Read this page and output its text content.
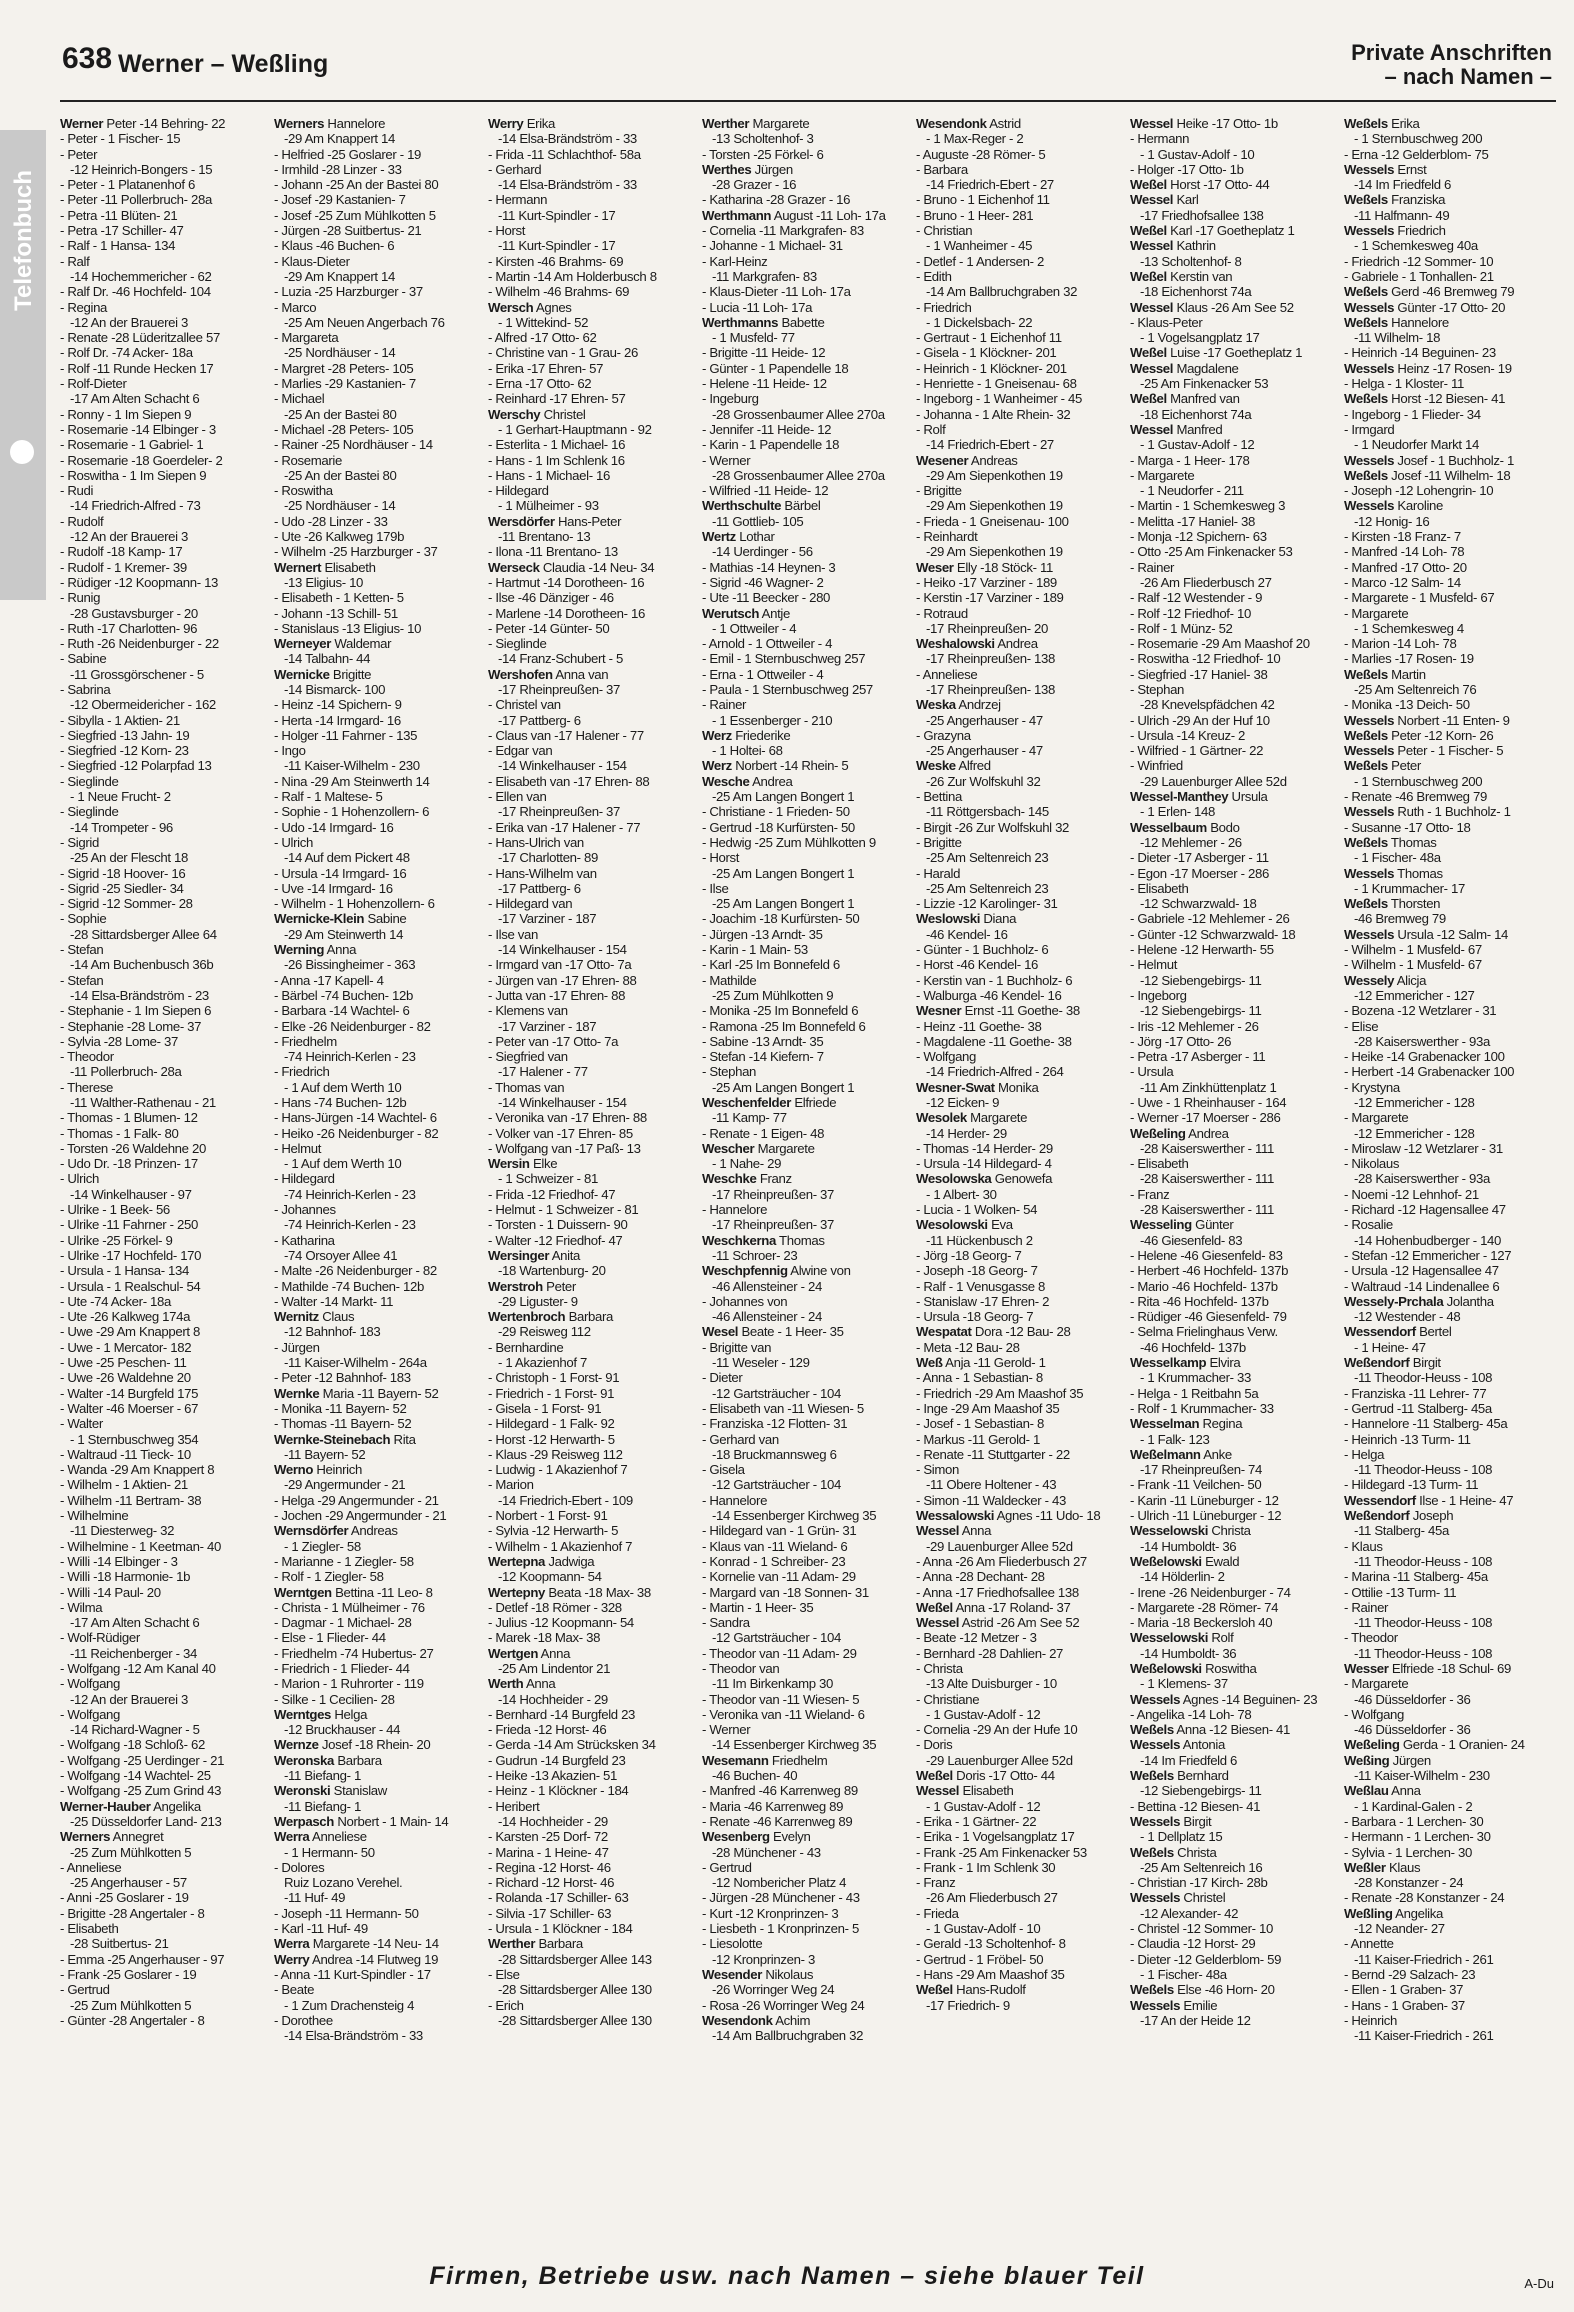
638 Werner – Weßling	Private Anschriften
– nach Namen –
Telefonbuch
Werner Peter -14 Behring- 22
- Peter - 1 Fischer- 15
- Peter
-12 Heinrich-Bongers - 15
- Peter - 1 Platanenhof 6
- Peter -11 Pollerbruch- 28a
- Petra -11 Blüten- 21
- Petra -17 Schiller- 47
- Ralf - 1 Hansa- 134
- Ralf
-14 Hochemmericher - 62
- Ralf Dr. -46 Hochfeld- 104
- Regina
-12 An der Brauerei 3
- Renate -28 Lüderitzallee 57
- Rolf Dr. -74 Acker- 18a
- Rolf -11 Runde Hecken 17
- Rolf-Dieter
-17 Am Alten Schacht 6
- Ronny - 1 Im Siepen 9
- Rosemarie -14 Elbinger - 3
- Rosemarie - 1 Gabriel- 1
- Rosemarie -18 Goerdeler- 2
- Roswitha - 1 Im Siepen 9
- Rudi
-14 Friedrich-Alfred - 73
- Rudolf
-12 An der Brauerei 3
- Rudolf -18 Kamp- 17
- Rudolf - 1 Kremer- 39
- Rüdiger -12 Koopmann- 13
- Runig
-28 Gustavsburger - 20
- Ruth -17 Charlotten- 96
- Ruth -26 Neidenburger - 22
- Sabine
-11 Grossgörschener - 5
- Sabrina
-12 Obermeidericher - 162
- Sibylla - 1 Aktien- 21
- Siegfried -13 Jahn- 19
- Siegfried -12 Korn- 23
- Siegfried -12 Polarpfad 13
- Sieglinde
- 1 Neue Frucht- 2
- Sieglinde
-14 Trompeter - 96
- Sigrid
-25 An der Flescht 18
- Sigrid -18 Hoover- 16
- Sigrid -25 Siedler- 34
- Sigrid -12 Sommer- 28
- Sophie
-28 Sittardsberger Allee 64
- Stefan
-14 Am Buchenbusch 36b
- Stefan
-14 Elsa-Brändström - 23
- Stephanie - 1 Im Siepen 6
- Stephanie -28 Lome- 37
- Sylvia -28 Lome- 37
- Theodor
-11 Pollerbruch- 28a
- Therese
-11 Walther-Rathenau - 21
- Thomas - 1 Blumen- 12
- Thomas - 1 Falk- 80
- Torsten -26 Waldehne 20
- Udo Dr. -18 Prinzen- 17
- Ulrich
-14 Winkelhauser - 97
- Ulrike - 1 Beek- 56
- Ulrike -11 Fahrner - 250
- Ulrike -25 Förkel- 9
- Ulrike -17 Hochfeld- 170
- Ursula - 1 Hansa- 134
- Ursula - 1 Realschul- 54
- Ute -74 Acker- 18a
- Ute -26 Kalkweg 174a
- Uwe -29 Am Knappert 8
- Uwe - 1 Mercator- 182
- Uwe -25 Peschen- 11
- Uwe -26 Waldehne 20
- Walter -14 Burgfeld 175
- Walter -46 Moerser - 67
- Walter
- 1 Sternbuschweg 354
- Waltraud -11 Tieck- 10
- Wanda -29 Am Knappert 8
- Wilhelm - 1 Aktien- 21
- Wilhelm -11 Bertram- 38
- Wilhelmine
-11 Diesterweg- 32
- Wilhelmine - 1 Keetman- 40
- Willi -14 Elbinger - 3
- Willi -18 Harmonie- 1b
- Willi -14 Paul- 20
- Wilma
-17 Am Alten Schacht 6
- Wolf-Rüdiger
-11 Reichenberger - 34
- Wolfgang -12 Am Kanal 40
- Wolfgang
-12 An der Brauerei 3
- Wolfgang
-14 Richard-Wagner - 5
- Wolfgang -18 Schloß- 62
- Wolfgang -25 Uerdinger - 21
- Wolfgang -14 Wachtel- 25
- Wolfgang -25 Zum Grind 43
Werner-Hauber Angelika
-25 Düsseldorfer Land- 213
Werners Annegret
-25 Zum Mühlkotten 5
- Anneliese
-25 Angerhauser - 57
- Anni -25 Goslarer - 19
- Brigitte -28 Angertaler - 8
- Elisabeth
-28 Suitbertus- 21
- Emma -25 Angerhauser - 97
- Frank -25 Goslarer - 19
- Gertrud
-25 Zum Mühlkotten 5
- Günter -28 Angertaler - 8
Werners Hannelore
-29 Am Knappert 14
- Helfried -25 Goslarer - 19
- Irmhild -28 Linzer - 33
- Johann -25 An der Bastei 80
- Josef -29 Kastanien- 7
- Josef -25 Zum Mühlkotten 5
- Jürgen -28 Suitbertus- 21
- Klaus -46 Buchen- 6
- Klaus-Dieter
-29 Am Knappert 14
- Luzia -25 Harzburger - 37
- Marco
-25 Am Neuen Angerbach 76
- Margareta
-25 Nordhäuser - 14
- Margret -28 Peters- 105
- Marlies -29 Kastanien- 7
- Michael
-25 An der Bastei 80
- Michael -28 Peters- 105
- Rainer -25 Nordhäuser - 14
- Rosemarie
-25 An der Bastei 80
- Roswitha
-25 Nordhäuser - 14
- Udo -28 Linzer - 33
- Ute -26 Kalkweg 179b
- Wilhelm -25 Harzburger - 37
Wernert Elisabeth
-13 Eligius- 10
- Elisabeth - 1 Ketten- 5
- Johann -13 Schill- 51
- Stanislaus -13 Eligius- 10
Werneyer Waldemar
-14 Talbahn- 44
Wernicke Brigitte
-14 Bismarck- 100
- Heinz -14 Spichern- 9
- Herta -14 Irmgard- 16
- Holger -11 Fahrner - 135
- Ingo
-11 Kaiser-Wilhelm - 230
- Nina -29 Am Steinwerth 14
- Ralf - 1 Maltese- 5
- Sophie - 1 Hohenzollern- 6
- Udo -14 Irmgard- 16
- Ulrich
-14 Auf dem Pickert 48
- Ursula -14 Irmgard- 16
- Uve -14 Irmgard- 16
- Wilhelm - 1 Hohenzollern- 6
Wernicke-Klein Sabine
-29 Am Steinwerth 14
Werning Anna
-26 Bissingheimer - 363
- Anna -17 Kapell- 4
- Bärbel -74 Buchen- 12b
- Barbara -14 Wachtel- 6
- Elke -26 Neidenburger - 82
- Friedhelm
-74 Heinrich-Kerlen - 23
- Friedrich
- 1 Auf dem Werth 10
- Hans -74 Buchen- 12b
- Hans-Jürgen -14 Wachtel- 6
- Heiko -26 Neidenburger - 82
- Helmut
- 1 Auf dem Werth 10
- Hildegard
-74 Heinrich-Kerlen - 23
- Johannes
-74 Heinrich-Kerlen - 23
- Katharina
-74 Orsoyer Allee 41
- Malte -26 Neidenburger - 82
- Mathilde -74 Buchen- 12b
- Walter -14 Markt- 11
Wernitz Claus
-12 Bahnhof- 183
- Jürgen
-11 Kaiser-Wilhelm - 264a
- Peter -12 Bahnhof- 183
Wernke Maria -11 Bayern- 52
- Monika -11 Bayern- 52
- Thomas -11 Bayern- 52
Wernke-Steinebach Rita
-11 Bayern- 52
Werno Heinrich
-29 Angermunder - 21
- Helga -29 Angermunder - 21
- Jochen -29 Angermunder - 21
Wernsdörfer Andreas
- 1 Ziegler- 58
- Marianne - 1 Ziegler- 58
- Rolf - 1 Ziegler- 58
Werntgen Bettina -11 Leo- 8
- Christa - 1 Mülheimer - 76
- Dagmar - 1 Michael- 28
- Else - 1 Flieder- 44
- Friedhelm -74 Hubertus- 27
- Friedrich - 1 Flieder- 44
- Marion - 1 Ruhrorter - 119
- Silke - 1 Cecilien- 28
Werntges Helga
-12 Bruckhauser - 44
Wernze Josef -18 Rhein- 20
Weronska Barbara
-11 Biefang- 1
Weronski Stanislaw
-11 Biefang- 1
Werpasch Norbert - 1 Main- 14
Werra Anneliese
- 1 Hermann- 50
- Dolores
Ruiz Lozano Verehel.
-11 Huf- 49
- Joseph -11 Hermann- 50
- Karl -11 Huf- 49
Werra Margarete -14 Neu- 14
Werry Andrea -14 Flutweg 19
- Anna -11 Kurt-Spindler - 17
- Beate
- 1 Zum Drachensteig 4
- Dorothee
-14 Elsa-Brändström - 33
Werry Erika
-14 Elsa-Brändström - 33
- Frida -11 Schlachthof- 58a
- Gerhard
-14 Elsa-Brändström - 33
- Hermann
-11 Kurt-Spindler - 17
- Horst
-11 Kurt-Spindler - 17
- Kirsten -46 Brahms- 69
- Martin -14 Am Holderbusch 8
- Wilhelm -46 Brahms- 69
Wersch Agnes
- 1 Wittekind- 52
- Alfred -17 Otto- 62
- Christine van - 1 Grau- 26
- Erika -17 Ehren- 57
- Erna -17 Otto- 62
- Reinhard -17 Ehren- 57
Werschy Christel
- 1 Gerhart-Hauptmann - 92
- Esterlita - 1 Michael- 16
- Hans - 1 Im Schlenk 16
- Hans - 1 Michael- 16
- Hildegard
- 1 Mülheimer - 93
Wersdörfer Hans-Peter
-11 Brentano- 13
- Ilona -11 Brentano- 13
Werseck Claudia -14 Neu- 34
- Hartmut -14 Dorotheen- 16
- Ilse -46 Dänziger - 46
- Marlene -14 Dorotheen- 16
- Peter -14 Günter- 50
- Sieglinde
-14 Franz-Schubert - 5
Wershofen Anna van
-17 Rheinpreußen- 37
- Christel van
-17 Pattberg- 6
- Claus van -17 Halener - 77
- Edgar van
-14 Winkelhauser - 154
- Elisabeth van -17 Ehren- 88
- Ellen van
-17 Rheinpreußen- 37
- Erika van -17 Halener - 77
- Hans-Ulrich van
-17 Charlotten- 89
- Hans-Wilhelm van
-17 Pattberg- 6
- Hildegard van
-17 Varziner - 187
- Ilse van
-14 Winkelhauser - 154
- Irmgard van -17 Otto- 7a
- Jürgen van -17 Ehren- 88
- Jutta van -17 Ehren- 88
- Klemens van
-17 Varziner - 187
- Peter van -17 Otto- 7a
- Siegfried van
-17 Halener - 77
- Thomas van
-14 Winkelhauser - 154
- Veronika van -17 Ehren- 88
- Volker van -17 Ehren- 85
- Wolfgang van -17 Paß- 13
Wersin Elke
- 1 Schweizer - 81
- Frida -12 Friedhof- 47
- Helmut - 1 Schweizer - 81
- Torsten - 1 Duissern- 90
- Walter -12 Friedhof- 47
Wersinger Anita
-18 Wartenburg- 20
Werstroh Peter
-29 Liguster- 9
Wertenbroch Barbara
-29 Reisweg 112
- Bernhardine
- 1 Akazienhof 7
- Christoph - 1 Forst- 91
- Friedrich - 1 Forst- 91
- Gisela - 1 Forst- 91
- Hildegard - 1 Falk- 92
- Horst -12 Herwarth- 5
- Klaus -29 Reisweg 112
- Ludwig - 1 Akazienhof 7
- Marion
-14 Friedrich-Ebert - 109
- Norbert - 1 Forst- 91
- Sylvia -12 Herwarth- 5
- Wilhelm - 1 Akazienhof 7
Wertepna Jadwiga
-12 Koopmann- 54
Wertepny Beata -18 Max- 38
- Detlef -18 Römer - 328
- Julius -12 Koopmann- 54
- Marek -18 Max- 38
Wertgen Anna
-25 Am Lindentor 21
Werth Anna
-14 Hochheider - 29
- Bernhard -14 Burgfeld 23
- Frieda -12 Horst- 46
- Gerda -14 Am Strücksken 34
- Gudrun -14 Burgfeld 23
- Heike -13 Akazien- 51
- Heinz - 1 Klöckner - 184
- Heribert
-14 Hochheider - 29
- Karsten -25 Dorf- 72
- Marina - 1 Heine- 47
- Regina -12 Horst- 46
- Richard -12 Horst- 46
- Rolanda -17 Schiller- 63
- Silvia -17 Schiller- 63
- Ursula - 1 Klöckner - 184
Werther Barbara
-28 Sittardsberger Allee 143
- Else
-28 Sittardsberger Allee 130
- Erich
-28 Sittardsberger Allee 130
Werther Margarete
-13 Scholtenhof- 3
- Torsten -25 Förkel- 6
Werthes Jürgen
-28 Grazer - 16
- Katharina -28 Grazer - 16
Werthmann August -11 Loh- 17a
- Cornelia -11 Markgrafen- 83
- Johanne - 1 Michael- 31
- Karl-Heinz
-11 Markgrafen- 83
- Klaus-Dieter -11 Loh- 17a
- Lucia -11 Loh- 17a
Werthmanns Babette
- 1 Musfeld- 77
- Brigitte -11 Heide- 12
- Günter - 1 Papendelle 18
- Helene -11 Heide- 12
- Ingeburg
-28 Grossenbaumer Allee 270a
- Jennifer -11 Heide- 12
- Karin - 1 Papendelle 18
- Werner
-28 Grossenbaumer Allee 270a
- Wilfried -11 Heide- 12
Werthschulte Bärbel
-11 Gottlieb- 105
Wertz Lothar
-14 Uerdinger - 56
- Mathias -14 Heynen- 3
- Sigrid -46 Wagner- 2
- Ute -11 Beecker - 280
Werutsch Antje
- 1 Ottweiler - 4
- Arnold - 1 Ottweiler - 4
- Emil - 1 Sternbuschweg 257
- Erna - 1 Ottweiler - 4
- Paula - 1 Sternbuschweg 257
- Rainer
- 1 Essenberger - 210
Werz Friederike
- 1 Holtei- 68
Werz Norbert -14 Rhein- 5
Wesche Andrea
-25 Am Langen Bongert 1
- Christiane - 1 Frieden- 50
- Gertrud -18 Kurfürsten- 50
- Hedwig -25 Zum Mühlkotten 9
- Horst
-25 Am Langen Bongert 1
- Ilse
-25 Am Langen Bongert 1
- Joachim -18 Kurfürsten- 50
- Jürgen -13 Arndt- 35
- Karin - 1 Main- 53
- Karl -25 Im Bonnefeld 6
- Mathilde
-25 Zum Mühlkotten 9
- Monika -25 Im Bonnefeld 6
- Ramona -25 Im Bonnefeld 6
- Sabine -13 Arndt- 35
- Stefan -14 Kiefern- 7
- Stephan
-25 Am Langen Bongert 1
Weschenfelder Elfriede
-11 Kamp- 77
- Renate - 1 Eigen- 48
Wescher Margarete
- 1 Nahe- 29
Weschke Franz
-17 Rheinpreußen- 37
- Hannelore
-17 Rheinpreußen- 37
Weschkerna Thomas
-11 Schroer- 23
Weschpfennig Alwine von
-46 Allensteiner - 24
- Johannes von
-46 Allensteiner - 24
Wesel Beate - 1 Heer- 35
- Brigitte van
-11 Weseler - 129
- Dieter
-12 Gartsträucher - 104
- Elisabeth van -11 Wiesen- 5
- Franziska -12 Flotten- 31
- Gerhard van
-18 Bruckmannsweg 6
- Gisela
-12 Gartsträucher - 104
- Hannelore
-14 Essenberger Kirchweg 35
- Hildegard van - 1 Grün- 31
- Klaus van -11 Wieland- 6
- Konrad - 1 Schreiber- 23
- Kornelie van -11 Adam- 29
- Margard van -18 Sonnen- 31
- Martin - 1 Heer- 35
- Sandra
-12 Gartsträucher - 104
- Theodor van -11 Adam- 29
- Theodor van
-11 Im Birkenkamp 30
- Theodor van -11 Wiesen- 5
- Veronika van -11 Wieland- 6
- Werner
-14 Essenberger Kirchweg 35
Wesemann Friedhelm
-46 Buchen- 40
- Manfred -46 Karrenweg 89
- Maria -46 Karrenweg 89
- Renate -46 Karrenweg 89
Wesenberg Evelyn
-28 Münchener - 43
- Gertrud
-12 Nombericher Platz 4
- Jürgen -28 Münchener - 43
- Kurt -12 Kronprinzen- 3
- Liesbeth - 1 Kronprinzen- 5
- Liesolotte
-12 Kronprinzen- 3
Wesender Nikolaus
-26 Worringer Weg 24
- Rosa -26 Worringer Weg 24
Wesendonk Achim
-14 Am Ballbruchgraben 32
Wesendonk Astrid
- 1 Max-Reger - 2
- Auguste -28 Römer- 5
- Barbara
-14 Friedrich-Ebert - 27
- Bruno - 1 Eichenhof 11
- Bruno - 1 Heer- 281
- Christian
- 1 Wanheimer - 45
- Detlef - 1 Andersen- 2
- Edith
-14 Am Ballbruchgraben 32
- Friedrich
- 1 Dickelsbach- 22
- Gertraut - 1 Eichenhof 11
- Gisela - 1 Klöckner- 201
- Heinrich - 1 Klöckner- 201
- Henriette - 1 Gneisenau- 68
- Ingeborg - 1 Wanheimer - 45
- Johanna - 1 Alte Rhein- 32
- Rolf
-14 Friedrich-Ebert - 27
Wesener Andreas
-29 Am Siepenkothen 19
- Brigitte
-29 Am Siepenkothen 19
- Frieda - 1 Gneisenau- 100
- Reinhardt
-29 Am Siepenkothen 19
Weser Elly -18 Stöck- 11
- Heiko -17 Varziner - 189
- Kerstin -17 Varziner - 189
- Rotraud
-17 Rheinpreußen- 20
Weshalowski Andrea
-17 Rheinpreußen- 138
- Anneliese
-17 Rheinpreußen- 138
Weska Andrzej
-25 Angerhauser - 47
- Grazyna
-25 Angerhauser - 47
Weske Alfred
-26 Zur Wolfskuhl 32
- Bettina
-11 Röttgersbach- 145
- Birgit -26 Zur Wolfskuhl 32
- Brigitte
-25 Am Seltenreich 23
- Harald
-25 Am Seltenreich 23
- Lizzie -12 Karolinger- 31
Weslowski Diana
-46 Kendel- 16
- Günter - 1 Buchholz- 6
- Horst -46 Kendel- 16
- Kerstin van - 1 Buchholz- 6
- Walburga -46 Kendel- 16
Wesner Ernst -11 Goethe- 38
- Heinz -11 Goethe- 38
- Magdalene -11 Goethe- 38
- Wolfgang
-14 Friedrich-Alfred - 264
Wesner-Swat Monika
-12 Eicken- 9
Wesolek Margarete
-14 Herder- 29
- Thomas -14 Herder- 29
- Ursula -14 Hildegard- 4
Wesolowska Genowefa
- 1 Albert- 30
- Lucia - 1 Wolken- 54
Wesolowski Eva
-11 Hückenbusch 2
- Jörg -18 Georg- 7
- Joseph -18 Georg- 7
- Ralf - 1 Venusgasse 8
- Stanislaw -17 Ehren- 2
- Ursula -18 Georg- 7
Wespatat Dora -12 Bau- 28
- Meta -12 Bau- 28
Weß Anja -11 Gerold- 1
- Anna - 1 Sebastian- 8
- Friedrich -29 Am Maashof 35
- Inge -29 Am Maashof 35
- Josef - 1 Sebastian- 8
- Markus -11 Gerold- 1
- Renate -11 Stuttgarter - 22
- Simon
-11 Obere Holtener - 43
- Simon -11 Waldecker - 43
Wessalowski Agnes -11 Udo- 18
Wessel Anna
-29 Lauenburger Allee 52d
- Anna -26 Am Fliederbusch 27
- Anna -28 Dechant- 28
- Anna -17 Friedhofsallee 138
Weßel Anna -17 Roland- 37
Wessel Astrid -26 Am See 52
- Beate -12 Metzer - 3
- Bernhard -28 Dahlien- 27
- Christa
-13 Alte Duisburger - 10
- Christiane
- 1 Gustav-Adolf - 12
- Cornelia -29 An der Hufe 10
- Doris
-29 Lauenburger Allee 52d
Weßel Doris -17 Otto- 44
Wessel Elisabeth
- 1 Gustav-Adolf - 12
- Erika - 1 Gärtner- 22
- Erika - 1 Vogelsangplatz 17
- Frank -25 Am Finkenacker 53
- Frank - 1 Im Schlenk 30
- Franz
-26 Am Fliederbusch 27
- Frieda
- 1 Gustav-Adolf - 10
- Gerald -13 Scholtenhof- 8
- Gertrud - 1 Fröbel- 50
- Hans -29 Am Maashof 35
Weßel Hans-Rudolf
-17 Friedrich- 9
Wessel Heike -17 Otto- 1b
- Hermann
- 1 Gustav-Adolf - 10
- Holger -17 Otto- 1b
Weßel Horst -17 Otto- 44
Wessel Karl
-17 Friedhofsallee 138
Weßel Karl -17 Goetheplatz 1
Wessel Kathrin
-13 Scholtenhof- 8
Weßel Kerstin van
-18 Eichenhorst 74a
Wessel Klaus -26 Am See 52
- Klaus-Peter
- 1 Vogelsangplatz 17
Weßel Luise -17 Goetheplatz 1
Wessel Magdalene
-25 Am Finkenacker 53
Weßel Manfred van
-18 Eichenhorst 74a
Wessel Manfred
- 1 Gustav-Adolf - 12
- Marga - 1 Heer- 178
- Margarete
- 1 Neudorfer - 211
- Martin - 1 Schemkesweg 3
- Melitta -17 Haniel- 38
- Monja -12 Spichern- 63
- Otto -25 Am Finkenacker 53
- Rainer
-26 Am Fliederbusch 27
- Ralf -12 Westender - 9
- Rolf -12 Friedhof- 10
- Rolf - 1 Münz- 52
- Rosemarie -29 Am Maashof 20
- Roswitha -12 Friedhof- 10
- Siegfried -17 Haniel- 38
- Stephan
-28 Knevelspfädchen 42
- Ulrich -29 An der Huf 10
- Ursula -14 Kreuz- 2
- Wilfried - 1 Gärtner- 22
- Winfried
-29 Lauenburger Allee 52d
Wessel-Manthey Ursula
- 1 Erlen- 148
Wesselbaum Bodo
-12 Mehlemer - 26
- Dieter -17 Asberger - 11
- Egon -17 Moerser - 286
- Elisabeth
-12 Schwarzwald- 18
- Gabriele -12 Mehlemer - 26
- Günter -12 Schwarzwald- 18
- Helene -12 Herwarth- 55
- Helmut
-12 Siebengebirgs- 11
- Ingeborg
-12 Siebengebirgs- 11
- Iris -12 Mehlemer - 26
- Jörg -17 Otto- 26
- Petra -17 Asberger - 11
- Ursula
-11 Am Zinkhüttenplatz 1
- Uwe - 1 Rheinhauser - 164
- Werner -17 Moerser - 286
Weßeling Andrea
-28 Kaiserswerther - 111
- Elisabeth
-28 Kaiserswerther - 111
- Franz
-28 Kaiserswerther - 111
Wesseling Günter
-46 Giesenfeld- 83
- Helene -46 Giesenfeld- 83
- Herbert -46 Hochfeld- 137b
- Mario -46 Hochfeld- 137b
- Rita -46 Hochfeld- 137b
- Rüdiger -46 Giesenfeld- 79
- Selma Frielinghaus Verw.
-46 Hochfeld- 137b
Wesselkamp Elvira
- 1 Krummacher- 33
- Helga - 1 Reitbahn 5a
- Rolf - 1 Krummacher- 33
Wesselman Regina
- 1 Falk- 123
Weßelmann Anke
-17 Rheinpreußen- 74
- Frank -11 Veilchen- 50
- Karin -11 Lüneburger - 12
- Ulrich -11 Lüneburger - 12
Wesselowski Christa
-14 Humboldt- 36
Weßelowski Ewald
-14 Hölderlin- 2
- Irene -26 Neidenburger - 74
- Margarete -28 Römer- 74
- Maria -18 Beckersloh 40
Wesselowski Rolf
-14 Humboldt- 36
Weßelowski Roswitha
- 1 Klemens- 37
Wessels Agnes -14 Beguinen- 23
- Angelika -14 Loh- 78
Weßels Anna -12 Biesen- 41
Wessels Antonia
-14 Im Friedfeld 6
Weßels Bernhard
-12 Siebengebirgs- 11
- Bettina -12 Biesen- 41
Wessels Birgit
- 1 Dellplatz 15
Weßels Christa
-25 Am Seltenreich 16
- Christian -17 Kirch- 28b
Wessels Christel
-12 Alexander- 42
- Christel -12 Sommer- 10
- Claudia -12 Horst- 29
- Dieter -12 Gelderblom- 59
- 1 Fischer- 48a
Weßels Else -46 Horn- 20
Wessels Emilie
-17 An der Heide 12
Weßels Erika
- 1 Sternbuschweg 200
- Erna -12 Gelderblom- 75
Wessels Ernst
-14 Im Friedfeld 6
Weßels Franziska
-11 Halfmann- 49
Wessels Friedrich
- 1 Schemkesweg 40a
- Friedrich -12 Sommer- 10
- Gabriele - 1 Tonhallen- 21
Weßels Gerd -46 Bremweg 79
Wessels Günter -17 Otto- 20
Weßels Hannelore
-11 Wilhelm- 18
- Heinrich -14 Beguinen- 23
Wessels Heinz -17 Rosen- 19
- Helga - 1 Kloster- 11
Weßels Horst -12 Biesen- 41
- Ingeborg - 1 Flieder- 34
- Irmgard
- 1 Neudorfer Markt 14
Wessels Josef - 1 Buchholz- 1
Weßels Josef -11 Wilhelm- 18
- Joseph -12 Lohengrin- 10
Wessels Karoline
-12 Honig- 16
- Kirsten -18 Franz- 7
- Manfred -14 Loh- 78
- Manfred -17 Otto- 20
- Marco -12 Salm- 14
- Margarete - 1 Musfeld- 67
- Margarete
- 1 Schemkesweg 4
- Marion -14 Loh- 78
- Marlies -17 Rosen- 19
Weßels Martin
-25 Am Seltenreich 76
- Monika -13 Deich- 50
Wessels Norbert -11 Enten- 9
Weßels Peter -12 Korn- 26
Wessels Peter - 1 Fischer- 5
Weßels Peter
- 1 Sternbuschweg 200
- Renate -46 Bremweg 79
Wessels Ruth - 1 Buchholz- 1
- Susanne -17 Otto- 18
Weßels Thomas
- 1 Fischer- 48a
Wessels Thomas
- 1 Krummacher- 17
Weßels Thorsten
-46 Bremweg 79
Wessels Ursula -12 Salm- 14
- Wilhelm - 1 Musfeld- 67
- Wilhelm - 1 Musfeld- 67
Wessely Alicja
-12 Emmericher - 127
- Bozena -12 Wetzlarer - 31
- Elise
-28 Kaiserswerther - 93a
- Heike -14 Grabenacker 100
- Herbert -14 Grabenacker 100
- Krystyna
-12 Emmericher - 128
- Margarete
-12 Emmericher - 128
- Miroslaw -12 Wetzlarer - 31
- Nikolaus
-28 Kaiserswerther - 93a
- Noemi -12 Lehnhof- 21
- Richard -12 Hagensallee 47
- Rosalie
-14 Hohenbudberger - 140
- Stefan -12 Emmericher - 127
- Ursula -12 Hagensallee 47
- Waltraud -14 Lindenallee 6
Wessely-Prchala Jolantha
-12 Westender - 48
Wessendorf Bertel
- 1 Heine- 47
Weßendorf Birgit
-11 Theodor-Heuss - 108
- Franziska -11 Lehrer- 77
- Gertrud -11 Stalberg- 45a
- Hannelore -11 Stalberg- 45a
- Heinrich -13 Turm- 11
- Helga
-11 Theodor-Heuss - 108
- Hildegard -13 Turm- 11
Wessendorf Ilse - 1 Heine- 47
Weßendorf Joseph
-11 Stalberg- 45a
- Klaus
-11 Theodor-Heuss - 108
- Marina -11 Stalberg- 45a
- Ottilie -13 Turm- 11
- Rainer
-11 Theodor-Heuss - 108
- Theodor
-11 Theodor-Heuss - 108
Wesser Elfriede -18 Schul- 69
- Margarete
-46 Düsseldorfer - 36
- Wolfgang
-46 Düsseldorfer - 36
Weßeling Gerda - 1 Oranien- 24
Weßing Jürgen
-11 Kaiser-Wilhelm - 230
Weßlau Anna
- 1 Kardinal-Galen - 2
- Barbara - 1 Lerchen- 30
- Hermann - 1 Lerchen- 30
- Sylvia - 1 Lerchen- 30
Weßler Klaus
-28 Konstanzer - 24
- Renate -28 Konstanzer - 24
Weßling Angelika
-12 Neander- 27
- Annette
-11 Kaiser-Friedrich - 261
- Bernd -29 Salzach- 23
- Ellen - 1 Graben- 37
- Hans - 1 Graben- 37
- Heinrich
-11 Kaiser-Friedrich - 261
Firmen, Betriebe usw. nach Namen – siehe blauer Teil	A-Du
